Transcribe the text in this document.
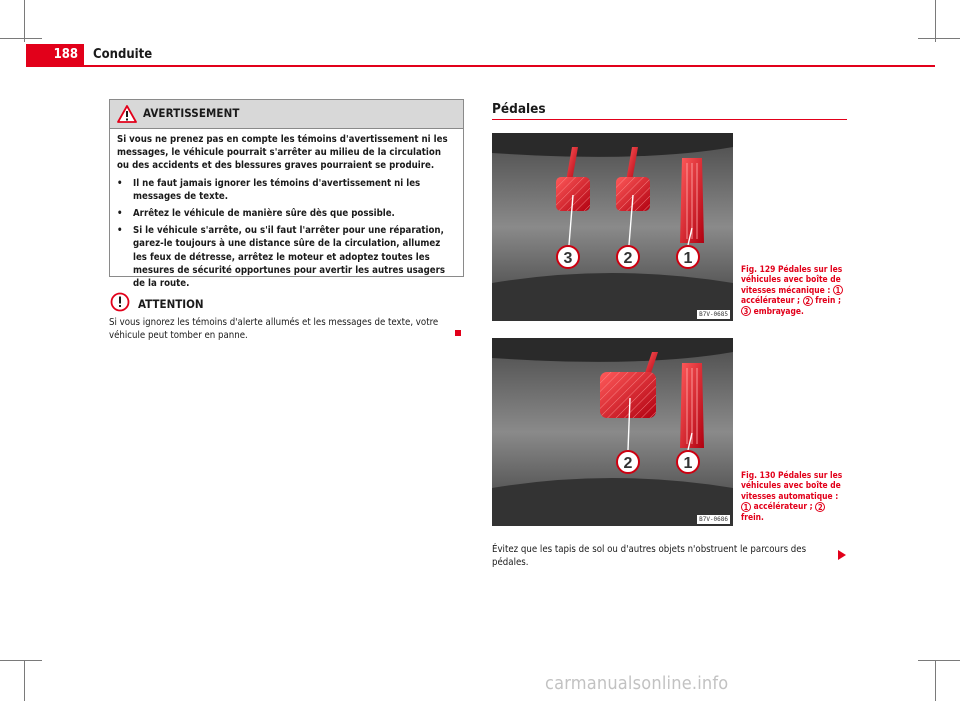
188	Conduite
AVERTISSEMENT

Si vous ne prenez pas en compte les témoins d'avertissement ni les messages, le véhicule pourrait s'arrêter au milieu de la circulation ou des accidents et des blessures graves pourraient se produire.

•	Il ne faut jamais ignorer les témoins d'avertissement ni les messages de texte.
•	Arrêtez le véhicule de manière sûre dès que possible.
•	Si le véhicule s'arrête, ou s'il faut l'arrêter pour une réparation, garez-le toujours à une distance sûre de la circulation, allumez les feux de détresse, arrêtez le moteur et adoptez toutes les mesures de sécurité opportunes pour avertir les autres usagers de la route.
ATTENTION
Si vous ignorez les témoins d'alerte allumés et les messages de texte, votre véhicule peut tomber en panne.
Pédales
3	2	1
B7V-0685
Fig. 129 Pédales sur les véhicules avec boîte de vitesses mécanique : 1 accélérateur ; 2 frein ; 3 embrayage.
2	1
B7V-0686
Fig. 130 Pédales sur les véhicules avec boîte de vitesses automatique : 1 accélérateur ; 2 frein.
Évitez que les tapis de sol ou d'autres objets n'obstruent le parcours des pédales.
carmanualsonline.info
